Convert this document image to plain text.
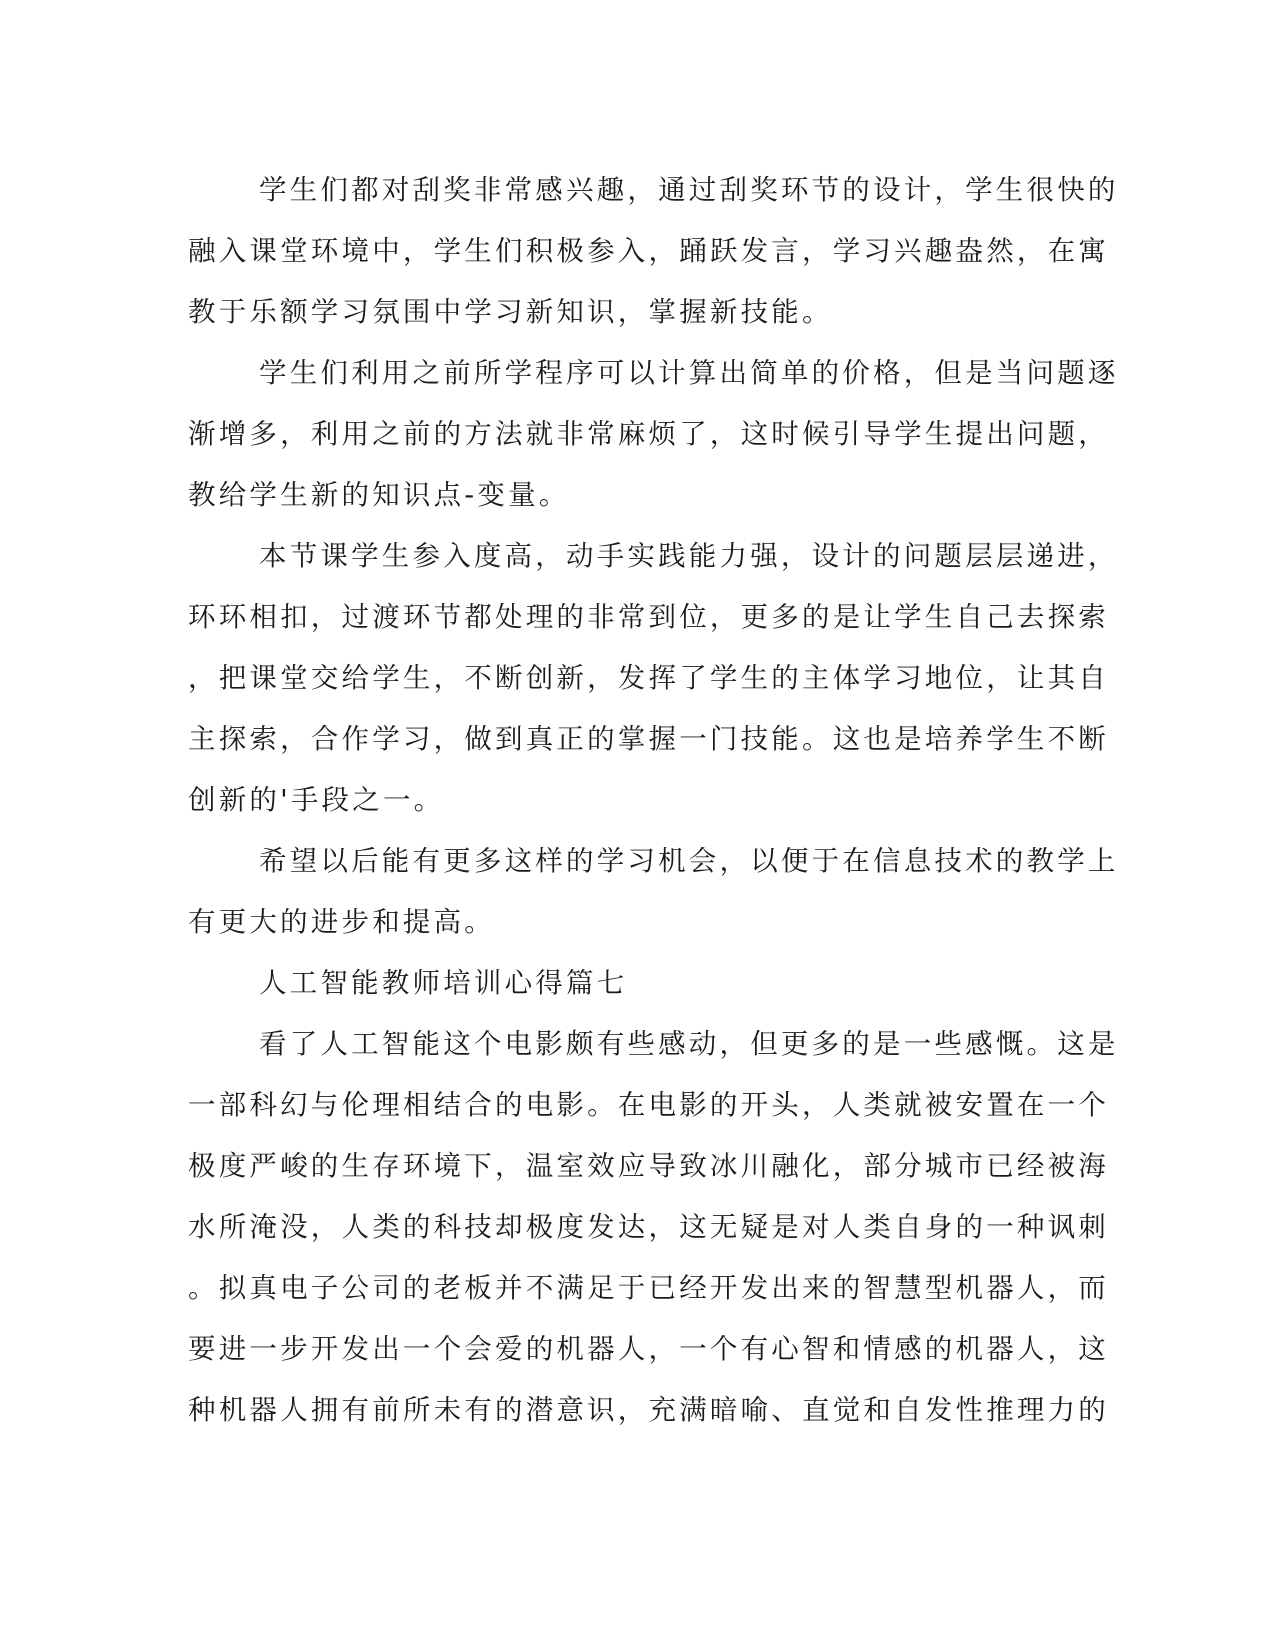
学生们都对刮奖非常感兴趣，通过刮奖环节的设计，学生很快的
融入课堂环境中，学生们积极参入，踊跃发言，学习兴趣盎然，在寓
教于乐额学习氛围中学习新知识，掌握新技能。
学生们利用之前所学程序可以计算出简单的价格，但是当问题逐
渐增多，利用之前的方法就非常麻烦了，这时候引导学生提出问题，
教给学生新的知识点-变量。
本节课学生参入度高，动手实践能力强，设计的问题层层递进，
环环相扣，过渡环节都处理的非常到位，更多的是让学生自己去探索
，把课堂交给学生，不断创新，发挥了学生的主体学习地位，让其自
主探索，合作学习，做到真正的掌握一门技能。这也是培养学生不断
创新的'手段之一。
希望以后能有更多这样的学习机会，以便于在信息技术的教学上
有更大的进步和提高。
人工智能教师培训心得篇七
看了人工智能这个电影颇有些感动，但更多的是一些感慨。这是
一部科幻与伦理相结合的电影。在电影的开头，人类就被安置在一个
极度严峻的生存环境下，温室效应导致冰川融化，部分城市已经被海
水所淹没，人类的科技却极度发达，这无疑是对人类自身的一种讽刺
。拟真电子公司的老板并不满足于已经开发出来的智慧型机器人，而
要进一步开发出一个会爱的机器人，一个有心智和情感的机器人，这
种机器人拥有前所未有的潜意识，充满暗喻、直觉和自发性推理力的
